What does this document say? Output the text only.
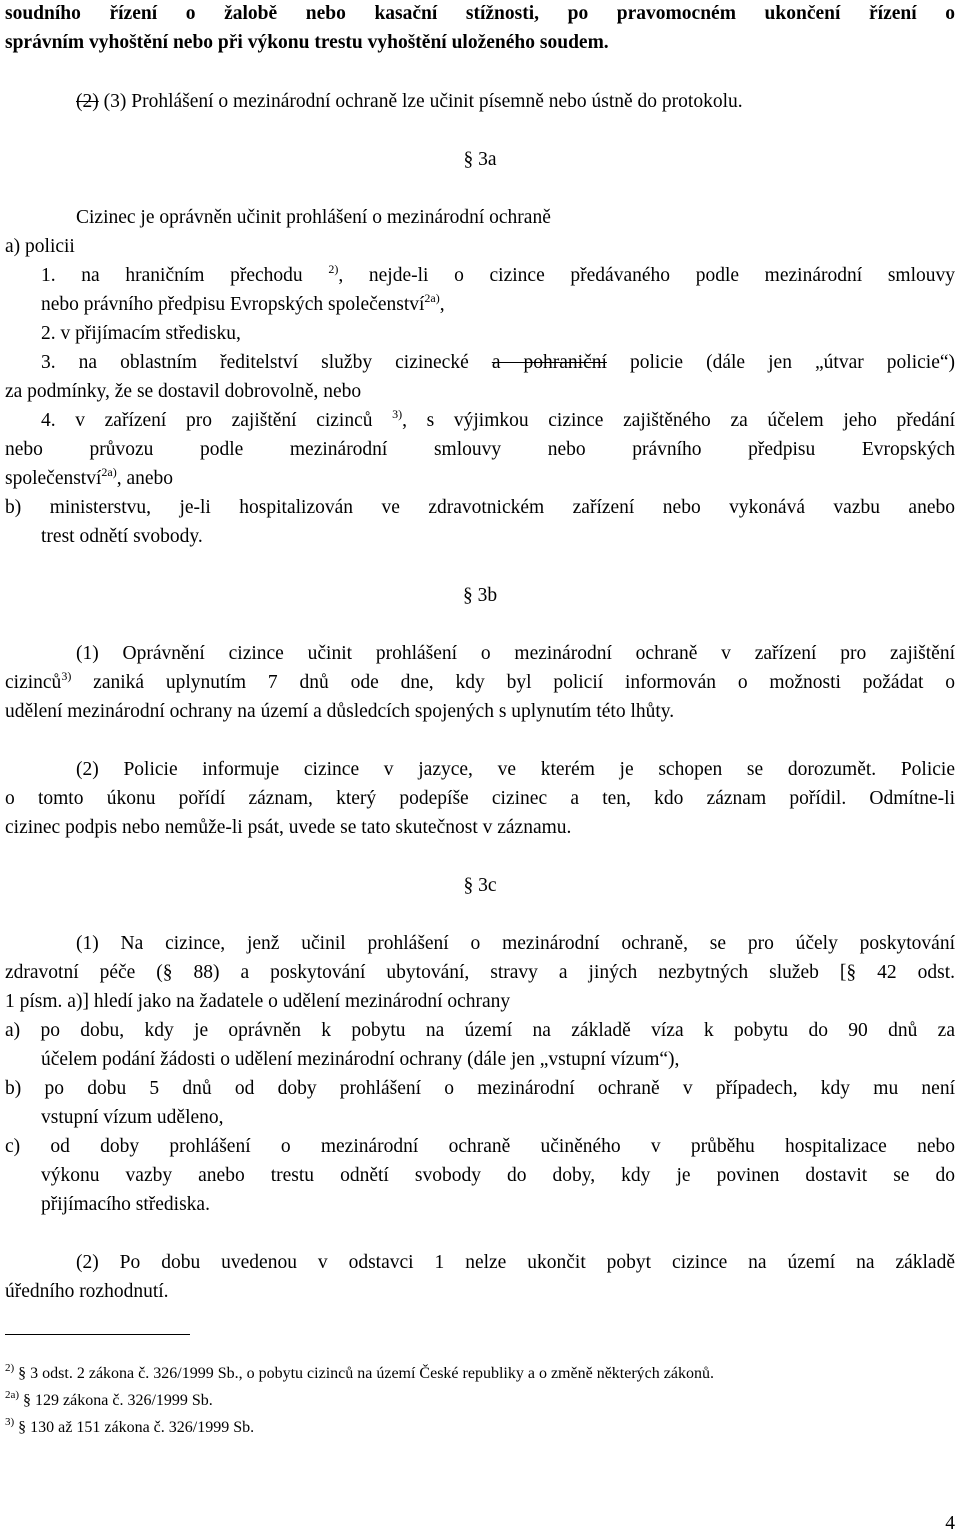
soudního řízení o žalobě nebo kasační stížnosti, po pravomocném ukončení řízení o
správním vyhoštění nebo při výkonu trestu vyhoštění uloženého soudem.
(2) (3) Prohlášení o mezinárodní ochraně lze učinit písemně nebo ústně do protokolu.
§ 3a
Cizinec je oprávněn učinit prohlášení o mezinárodní ochraně
a) policii
1. na hraničním přechodu $^{2)}$, nejde-li o cizince předávaného podle mezinárodní smlouvy
nebo právního předpisu Evropských společenství$^{2a)}$,
2. v přijímacím středisku,
3. na oblastním ředitelství služby cizinecké a pohraniční policie (dále jen „útvar policie“)
za podmínky, že se dostavil dobrovolně, nebo
4. v zařízení pro zajištění cizinců $^{3)}$, s výjimkou cizince zajištěného za účelem jeho předání
nebo průvozu podle mezinárodní smlouvy nebo právního předpisu Evropských
společenství$^{2a)}$, anebo
b) ministerstvu, je-li hospitalizován ve zdravotnickém zařízení nebo vykonává vazbu anebo
trest odnětí svobody.
§ 3b
(1) Oprávnění cizince učinit prohlášení o mezinárodní ochraně v zařízení pro zajištění
cizinců$^{3)}$ zaniká uplynutím 7 dnů ode dne, kdy byl policií informován o možnosti požádat o
udělení mezinárodní ochrany na území a důsledcích spojených s uplynutím této lhůty.
(2) Policie informuje cizince v jazyce, ve kterém je schopen se dorozumět. Policie
o tomto úkonu pořídí záznam, který podepíše cizinec a ten, kdo záznam pořídil. Odmítne-li
cizinec podpis nebo nemůže-li psát, uvede se tato skutečnost v záznamu.
§ 3c
(1) Na cizince, jenž učinil prohlášení o mezinárodní ochraně, se pro účely poskytování
zdravotní péče (§ 88) a poskytování ubytování, stravy a jiných nezbytných služeb [§ 42 odst.
1 písm. a)] hledí jako na žadatele o udělení mezinárodní ochrany
a) po dobu, kdy je oprávněn k pobytu na území na základě víza k pobytu do 90 dnů za
účelem podání žádosti o udělení mezinárodní ochrany (dále jen „vstupní vízum“),
b) po dobu 5 dnů od doby prohlášení o mezinárodní ochraně v případech, kdy mu není
vstupní vízum uděleno,
c) od doby prohlášení o mezinárodní ochraně učiněného v průběhu hospitalizace nebo
výkonu vazby anebo trestu odnětí svobody do doby, kdy je povinen dostavit se do
přijímacího střediska.
(2) Po dobu uvedenou v odstavci 1 nelze ukončit pobyt cizince na území na základě
úředního rozhodnutí.
$^{2)}$ § 3 odst. 2 zákona č. 326/1999 Sb., o pobytu cizinců na území České republiky a o změně některých zákonů.
$^{2a)}$ § 129 zákona č. 326/1999 Sb.
$^{3)}$ § 130 až 151 zákona č. 326/1999 Sb.
4
